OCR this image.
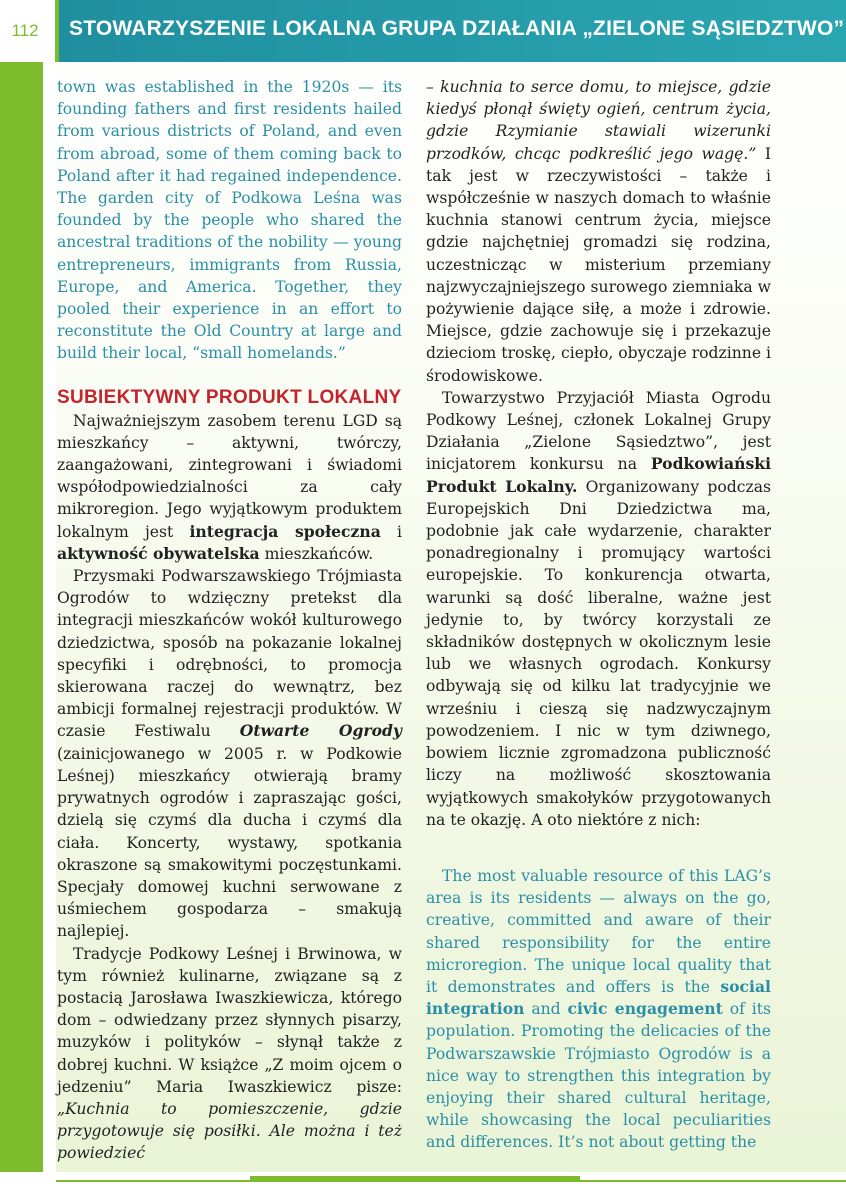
112	STOWARZYSZENIE LOKALNA GRUPA DZIAŁANIA „ZIELONE SĄSIEDZTWO”

town was established in the 1920s — its founding fathers and first residents hailed from various districts of Poland, and even from abroad, some of them coming back to Poland after it had regained independence. The garden city of Podkowa Leśna was founded by the people who shared the ancestral traditions of the nobility — young entrepreneurs, immigrants from Russia, Europe, and America. Together, they pooled their experience in an effort to reconstitute the Old Country at large and build their local, “small homelands.”

SUBIEKTYWNY PRODUKT LOKALNY

Najważniejszym zasobem terenu LGD są mieszkańcy – aktywni, twórczy, zaangażowani, zintegrowani i świadomi współodpowiedzialności za cały mikroregion. Jego wyjątkowym produktem lokalnym jest integracja społeczna i aktywność obywatelska mieszkańców.

Przysmaki Podwarszawskiego Trójmiasta Ogrodów to wdzięczny pretekst dla integracji mieszkańców wokół kulturowego dziedzictwa, sposób na pokazanie lokalnej specyfiki i odrębności, to promocja skierowana raczej do wewnątrz, bez ambicji formalnej rejestracji produktów. W czasie Festiwalu Otwarte Ogrody (zainicjowanego w 2005 r. w Podkowie Leśnej) mieszkańcy otwierają bramy prywatnych ogrodów i zapraszając gości, dzielą się czymś dla ducha i czymś dla ciała. Koncerty, wystawy, spotkania okraszone są smakowitymi poczęstunkami. Specjały domowej kuchni serwowane z uśmiechem gospodarza – smakują najlepiej.

Tradycje Podkowy Leśnej i Brwinowa, w tym również kulinarne, związane są z postacią Jarosława Iwaszkiewicza, którego dom – odwiedzany przez słynnych pisarzy, muzyków i polityków – słynął także z dobrej kuchni. W książce „Z moim ojcem o jedzeniu” Maria Iwaszkiewicz pisze: „Kuchnia to pomieszczenie, gdzie przygotowuje się posiłki. Ale można i też powiedzieć

– kuchnia to serce domu, to miejsce, gdzie kiedyś płonął święty ogień, centrum życia, gdzie Rzymianie stawiali wizerunki przodków, chcąc podkreślić jego wagę.” I tak jest w rzeczywistości – także i współcześnie w naszych domach to właśnie kuchnia stanowi centrum życia, miejsce gdzie najchętniej gromadzi się rodzina, uczestnicząc w misterium przemiany najzwyczajniejszego surowego ziemniaka w pożywienie dające siłę, a może i zdrowie. Miejsce, gdzie zachowuje się i przekazuje dzieciom troskę, ciepło, obyczaje rodzinne i środowiskowe.

Towarzystwo Przyjaciół Miasta Ogrodu Podkowy Leśnej, członek Lokalnej Grupy Działania „Zielone Sąsiedztwo”, jest inicjatorem konkursu na Podkowiański Produkt Lokalny. Organizowany podczas Europejskich Dni Dziedzictwa ma, podobnie jak całe wydarzenie, charakter ponadregionalny i promujący wartości europejskie. To konkurencja otwarta, warunki są dość liberalne, ważne jest jedynie to, by twórcy korzystali ze składników dostępnych w okolicznym lesie lub we własnych ogrodach. Konkursy odbywają się od kilku lat tradycyjnie we wrześniu i cieszą się nadzwyczajnym powodzeniem. I nic w tym dziwnego, bowiem licznie zgromadzona publiczność liczy na możliwość skosztowania wyjątkowych smakołyków przygotowanych na te okazję. A oto niektóre z nich:

The most valuable resource of this LAG’s area is its residents — always on the go, creative, committed and aware of their shared responsibility for the entire microregion. The unique local quality that it demonstrates and offers is the social integration and civic engagement of its population. Promoting the delicacies of the Podwarszawskie Trójmiasto Ogrodów is a nice way to strengthen this integration by enjoying their shared cultural heritage, while showcasing the local peculiarities and differences. It’s not about getting the
